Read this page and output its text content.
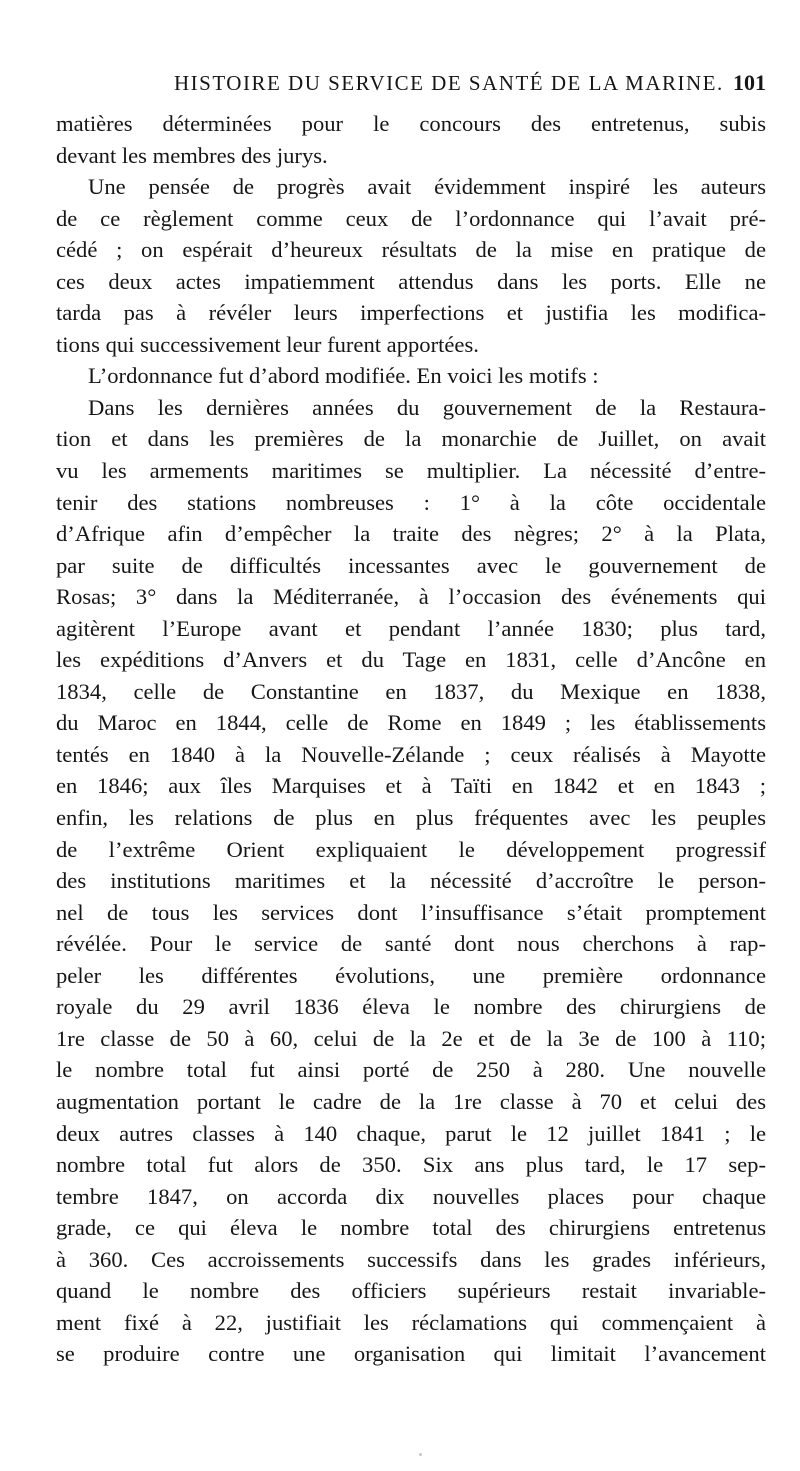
HISTOIRE DU SERVICE DE SANTÉ DE LA MARINE. 101
matières déterminées pour le concours des entretenus, subis
devant les membres des jurys.
Une pensée de progrès avait évidemment inspiré les auteurs
de ce règlement comme ceux de l’ordonnance qui l’avait pré-
cédé ; on espérait d’heureux résultats de la mise en pratique de
ces deux actes impatiemment attendus dans les ports. Elle ne
tarda pas à révéler leurs imperfections et justifia les modifica-
tions qui successivement leur furent apportées.
L’ordonnance fut d’abord modifiée. En voici les motifs :
Dans les dernières années du gouvernement de la Restaura-
tion et dans les premières de la monarchie de Juillet, on avait
vu les armements maritimes se multiplier. La nécessité d’entre-
tenir des stations nombreuses : 1° à la côte occidentale
d’Afrique afin d’empêcher la traite des nègres; 2° à la Plata,
par suite de difficultés incessantes avec le gouvernement de
Rosas; 3° dans la Méditerranée, à l’occasion des événements qui
agitèrent l’Europe avant et pendant l’année 1830; plus tard,
les expéditions d’Anvers et du Tage en 1831, celle d’Ancône en
1834, celle de Constantine en 1837, du Mexique en 1838,
du Maroc en 1844, celle de Rome en 1849 ; les établissements
tentés en 1840 à la Nouvelle-Zélande ; ceux réalisés à Mayotte
en 1846; aux îles Marquises et à Taïti en 1842 et en 1843 ;
enfin, les relations de plus en plus fréquentes avec les peuples
de l’extrême Orient expliquaient le développement progressif
des institutions maritimes et la nécessité d’accroître le person-
nel de tous les services dont l’insuffisance s’était promptement
révélée. Pour le service de santé dont nous cherchons à rap-
peler les différentes évolutions, une première ordonnance
royale du 29 avril 1836 éleva le nombre des chirurgiens de
1re classe de 50 à 60, celui de la 2e et de la 3e de 100 à 110;
le nombre total fut ainsi porté de 250 à 280. Une nouvelle
augmentation portant le cadre de la 1re classe à 70 et celui des
deux autres classes à 140 chaque, parut le 12 juillet 1841 ; le
nombre total fut alors de 350. Six ans plus tard, le 17 sep-
tembre 1847, on accorda dix nouvelles places pour chaque
grade, ce qui éleva le nombre total des chirurgiens entretenus
à 360. Ces accroissements successifs dans les grades inférieurs,
quand le nombre des officiers supérieurs restait invariable-
ment fixé à 22, justifiait les réclamations qui commençaient à
se produire contre une organisation qui limitait l’avancement
